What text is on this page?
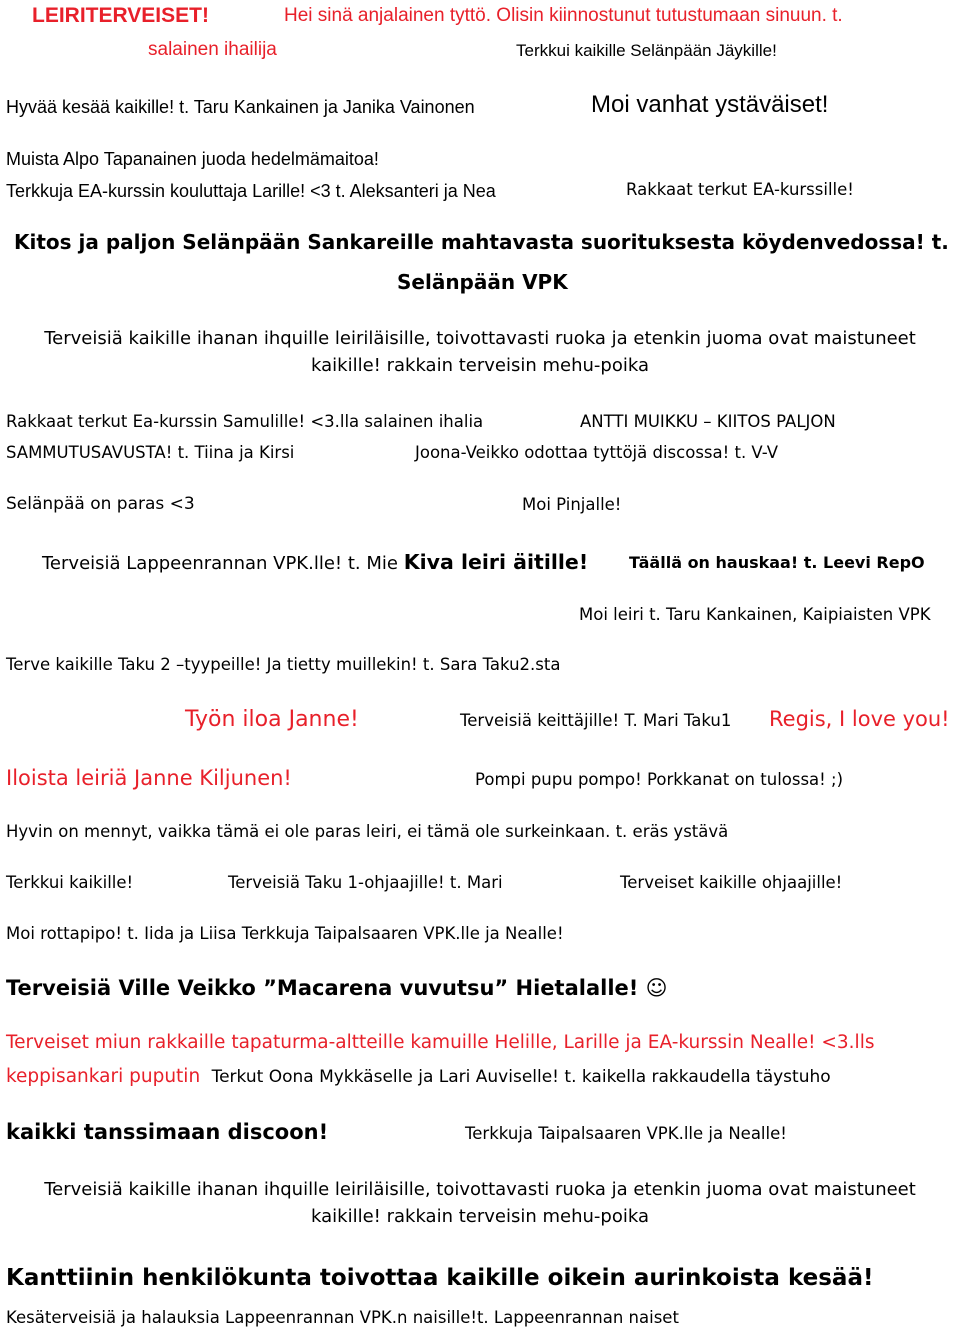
LEIRITERVEISET!	Hei sinä anjalainen tyttö. Olisin kiinnostunut tutustumaan sinuun. t.
salainen ihailija	Terkkui kaikille Selänpään Jäykille!
Hyvää kesää kaikille! t. Taru Kankainen ja Janika Vainonen	Moi vanhat ystäväiset!
Muista Alpo Tapanainen juoda hedelmämaitoa!
Terkkuja EA-kurssin kouluttaja Larille! <3 t. Aleksanteri ja Nea	Rakkaat terkut EA-kurssille!
Kitos ja paljon Selänpään Sankareille mahtavasta suorituksesta köydenvedossa! t.
Selänpään VPK
Terveisiä kaikille ihanan ihquille leiriläisille, toivottavasti ruoka ja etenkin juoma ovat maistuneet
kaikille! rakkain terveisin mehu-poika
Rakkaat terkut Ea-kurssin Samulille! <3.lla salainen ihalia	ANTTI MUIKKU – KIITOS PALJON
SAMMUTUSAVUSTA! t. Tiina ja Kirsi	Joona-Veikko odottaa tyttöjä discossa! t. V-V
Selänpää on paras <3	Moi Pinjalle!
Terveisiä Lappeenrannan VPK.lle! t. Mie Kiva leiri äitille!	Täällä on hauskaa! t. Leevi RepO
Moi leiri t. Taru Kankainen, Kaipiaisten VPK
Terve kaikille Taku 2 –tyypeille! Ja tietty muillekin! t. Sara Taku2.sta
Työn iloa Janne!	Terveisiä keittäjille! T. Mari Taku1 Regis, I love you!
Iloista leiriä Janne Kiljunen!	Pompi pupu pompo! Porkkanat on tulossa! ;)
Hyvin on mennyt, vaikka tämä ei ole paras leiri, ei tämä ole surkeinkaan. t. eräs ystävä
Terkkui kaikille!	Terveisiä Taku 1-ohjaajille! t. Mari	Terveiset kaikille ohjaajille!
Moi rottapipo! t. Iida ja Liisa Terkkuja Taipalsaaren VPK.lle ja Nealle!
Terveisiä Ville Veikko ”Macarena vuvutsu” Hietalalle! ☺
Terveiset miun rakkaille tapaturma-altteille kamuille Helille, Larille ja EA-kurssin Nealle! <3.lls
keppisankari puputin Terkut Oona Mykkäselle ja Lari Auviselle! t. kaikella rakkaudella täystuho
kaikki tanssimaan discoon!	Terkkuja Taipalsaaren VPK.lle ja Nealle!
Terveisiä kaikille ihanan ihquille leiriläisille, toivottavasti ruoka ja etenkin juoma ovat maistuneet
kaikille! rakkain terveisin mehu-poika
Kanttiinin henkilökunta toivottaa kaikille oikein aurinkoista kesää!
Kesäterveisiä ja halauksia Lappeenrannan VPK.n naisille!t. Lappeenrannan naiset
